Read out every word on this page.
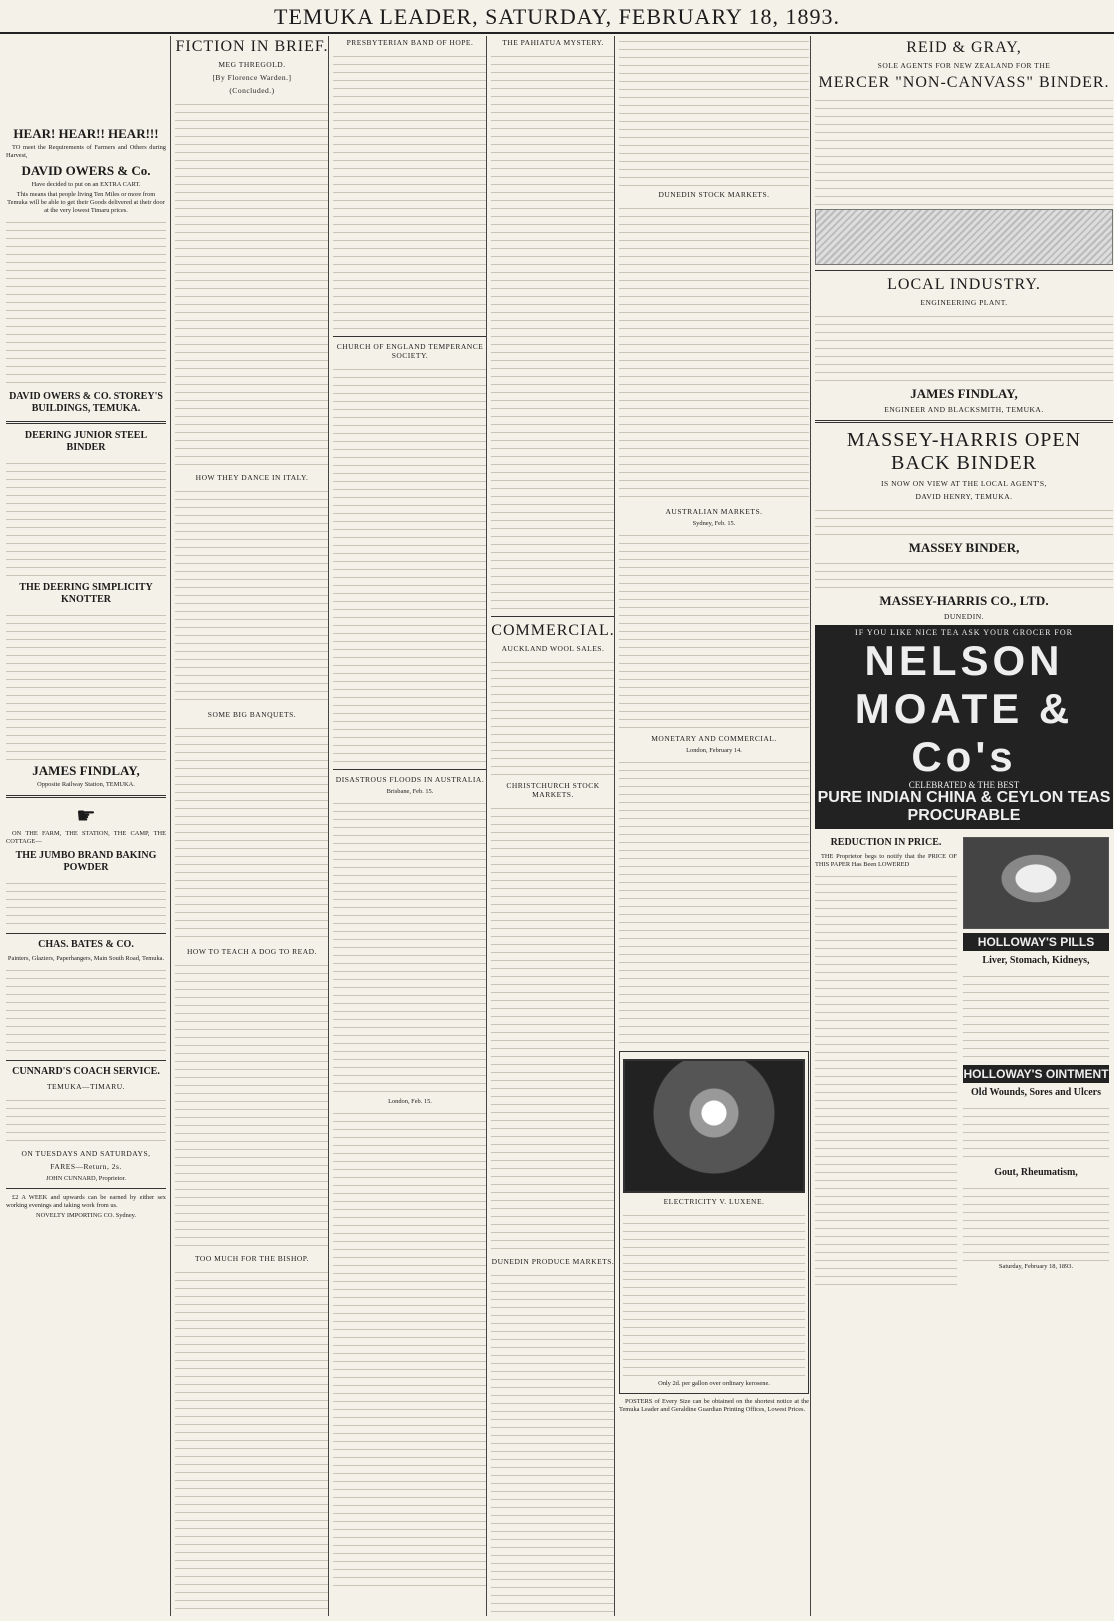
TEMUKA LEADER, SATURDAY, FEBRUARY 18, 1893.
HEAR! HEAR!! HEAR!!!

TO meet the Requirements of Farmers and Others during Harvest,

DAVID OWERS & Co.

Have decided to put on an EXTRA CART.

This means that people living Ten Miles or more from Temuka will be able to get their Goods delivered at their door at the very lowest Timaru prices.

DAVID OWERS & CO. STOREY'S BUILDINGS, TEMUKA.
DEERING JUNIOR STEEL BINDER
THE DEERING SIMPLICITY KNOTTER
JAMES FINDLAY,

Opposite Railway Station, TEMUKA.

☛

ON THE FARM, THE STATION, THE CAMP, THE COTTAGE—

THE JUMBO BRAND BAKING POWDER
CHAS. BATES & CO.

Painters, Glaziers, Paperhangers, Main South Road, Temuka.

CUNNARD'S COACH SERVICE.
TEMUKA—TIMARU.
ON TUESDAYS AND SATURDAYS,
FARES—Return, 2s.

JOHN CUNNARD, Proprietor.

£2 A WEEK and upwards can be earned by either sex working evenings and taking work from us.

NOVELTY IMPORTING CO. Sydney.

FICTION IN BRIEF.
MEG THREGOLD.
[By Florence Warden.]
(Concluded.)
HOW THEY DANCE IN ITALY.
SOME BIG BANQUETS.
HOW TO TEACH A DOG TO READ.
TOO MUCH FOR THE BISHOP.
PRESBYTERIAN BAND OF HOPE.
CHURCH OF ENGLAND TEMPERANCE SOCIETY.
DISASTROUS FLOODS IN AUSTRALIA.

Brisbane, Feb. 15.

London, Feb. 15.

THE PAHIATUA MYSTERY.
COMMERCIAL.
AUCKLAND WOOL SALES.
CHRISTCHURCH STOCK MARKETS.
DUNEDIN PRODUCE MARKETS.
DUNEDIN STOCK MARKETS.
AUSTRALIAN MARKETS.

Sydney, Feb. 15.

MONETARY AND COMMERCIAL.

London, February 14.

ELECTRICITY V. LUXENE.

Only 2d. per gallon over ordinary kerosene.

POSTERS of Every Size can be obtained on the shortest notice at the Temuka Leader and Geraldine Guardian Printing Offices, Lowest Prices.

REID & GRAY,
SOLE AGENTS FOR NEW ZEALAND FOR THE
MERCER "NON-CANVASS" BINDER.
LOCAL INDUSTRY.
ENGINEERING PLANT.
JAMES FINDLAY,
ENGINEER AND BLACKSMITH, TEMUKA.
MASSEY-HARRIS OPEN BACK BINDER
IS NOW ON VIEW AT THE LOCAL AGENT'S,
DAVID HENRY, TEMUKA.
MASSEY BINDER,
MASSEY-HARRIS CO., LTD.
DUNEDIN.
IF YOU LIKE NICE TEA ASK YOUR GROCER FOR
NELSON MOATE & Co's
CELEBRATED & THE BEST
PURE INDIAN CHINA & CEYLON TEAS
PROCURABLE
REDUCTION IN PRICE.

THE Proprietor begs to notify that the PRICE OF THIS PAPER Has Been LOWERED

HOLLOWAY'S PILLS
Liver, Stomach, Kidneys,
HOLLOWAY'S OINTMENT
Old Wounds, Sores and Ulcers
Gout, Rheumatism,

Saturday, February 18, 1893.
